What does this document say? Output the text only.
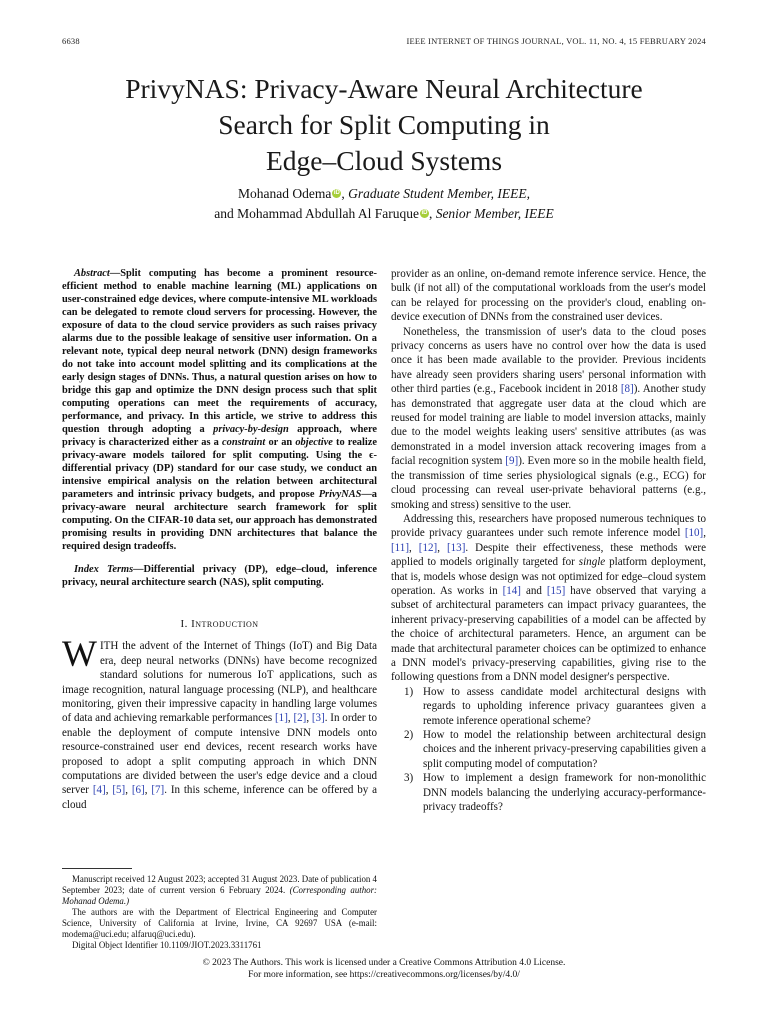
6638	IEEE INTERNET OF THINGS JOURNAL, VOL. 11, NO. 4, 15 FEBRUARY 2024
PrivyNAS: Privacy-Aware Neural Architecture
Search for Split Computing in
Edge–Cloud Systems
Mohanad Odema iD , Graduate Student Member, IEEE,
and Mohammad Abdullah Al Faruque iD , Senior Member, IEEE

Abstract—Split computing has become a prominent resource-efficient method to enable machine learning (ML) applications on user-constrained edge devices, where compute-intensive ML workloads can be delegated to remote cloud servers for processing. However, the exposure of data to the cloud service providers as such raises privacy alarms due to the possible leakage of sensitive user information. On a relevant note, typical deep neural network (DNN) design frameworks do not take into account model splitting and its complications at the early design stages of DNNs. Thus, a natural question arises on how to bridge this gap and optimize the DNN design process such that split computing operations can meet the requirements of accuracy, performance, and privacy. In this article, we strive to address this question through adopting a privacy-by-design approach, where privacy is characterized either as a constraint or an objective to realize privacy-aware models tailored for split computing. Using the ϵ-differential privacy (DP) standard for our case study, we conduct an intensive empirical analysis on the relation between architectural parameters and intrinsic privacy budgets, and propose PrivyNAS—a privacy-aware neural architecture search framework for split computing. On the CIFAR-10 data set, our approach has demonstrated promising results in providing DNN architectures that balance the required design tradeoffs.

Index Terms—Differential privacy (DP), edge–cloud, inference privacy, neural architecture search (NAS), split computing.

I. Introduction

WITH the advent of the Internet of Things (IoT) and Big Data era, deep neural networks (DNNs) have become recognized standard solutions for numerous IoT applications, such as image recognition, natural language processing (NLP), and healthcare monitoring, given their impressive capacity in handling large volumes of data and achieving remarkable performances [1], [2], [3]. In order to enable the deployment of compute intensive DNN models onto resource-constrained user end devices, recent research works have proposed to adopt a split computing approach in which DNN computations are divided between the user's edge device and a cloud server [4], [5], [6], [7]. In this scheme, inference can be offered by a cloud

Manuscript received 12 August 2023; accepted 31 August 2023. Date of publication 4 September 2023; date of current version 6 February 2024. (Corresponding author: Mohanad Odema.)

The authors are with the Department of Electrical Engineering and Computer Science, University of California at Irvine, Irvine, CA 92697 USA (e-mail: modema@uci.edu; alfaruq@uci.edu).

Digital Object Identifier 10.1109/JIOT.2023.3311761

provider as an online, on-demand remote inference service. Hence, the bulk (if not all) of the computational workloads from the user's model can be relayed for processing on the provider's cloud, enabling on-device execution of DNNs from the constrained user devices.

Nonetheless, the transmission of user's data to the cloud poses privacy concerns as users have no control over how the data is used once it has been made available to the provider. Previous incidents have already seen providers sharing users' personal information with other third parties (e.g., Facebook incident in 2018 [8]). Another study has demonstrated that aggregate user data at the cloud which are reused for model training are liable to model inversion attacks, mainly due to the model weights leaking users' sensitive attributes (as was demonstrated in a model inversion attack recovering images from a facial recognition system [9]). Even more so in the mobile health field, the transmission of time series physiological signals (e.g., ECG) for cloud processing can reveal user-private behavioral patterns (e.g., smoking and stress) sensitive to the user.

Addressing this, researchers have proposed numerous techniques to provide privacy guarantees under such remote inference model [10], [11], [12], [13]. Despite their effectiveness, these methods were applied to models originally targeted for single platform deployment, that is, models whose design was not optimized for edge–cloud system operation. As works in [14] and [15] have observed that varying a subset of architectural parameters can impact privacy guarantees, the inherent privacy-preserving capabilities of a model can be affected by the choice of architectural parameters. Hence, an argument can be made that architectural parameter choices can be optimized to enhance a DNN model's privacy-preserving capabilities, giving rise to the following questions from a DNN model designer's perspective.

1) How to assess candidate model architectural designs with regards to upholding inference privacy guarantees given a remote inference operational scheme?
2) How to model the relationship between architectural design choices and the inherent privacy-preserving capabilities given a split computing model of computation?
3) How to implement a design framework for non-monolithic DNN models balancing the underlying accuracy-performance-privacy tradeoffs?
© 2023 The Authors. This work is licensed under a Creative Commons Attribution 4.0 License.
For more information, see https://creativecommons.org/licenses/by/4.0/
